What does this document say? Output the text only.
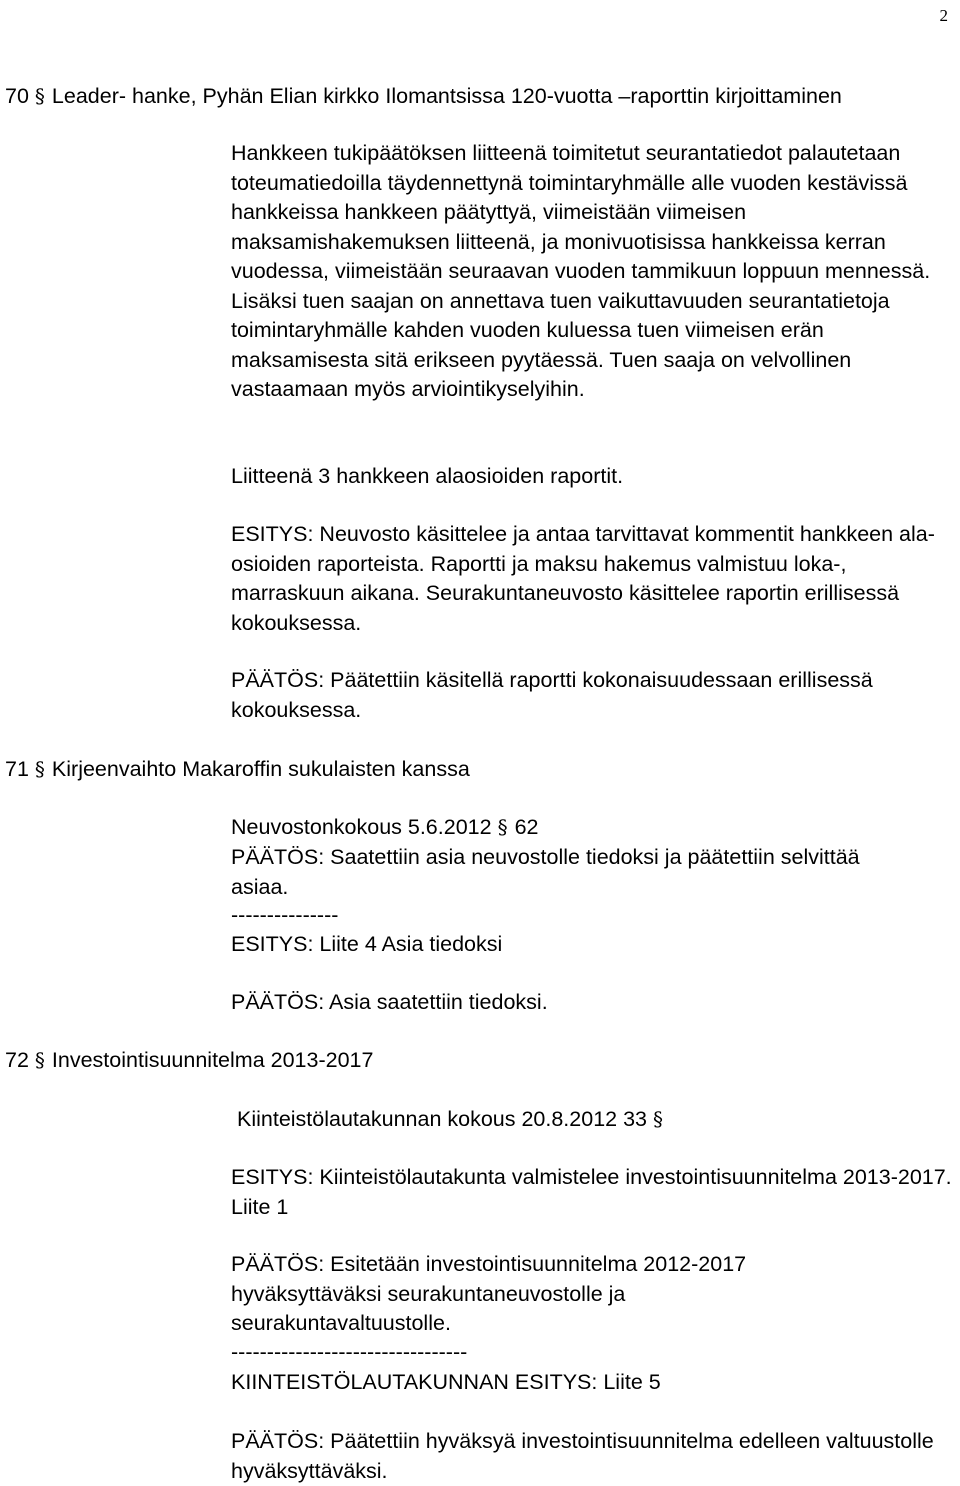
2
70 § Leader- hanke, Pyhän Elian kirkko Ilomantsissa 120-vuotta –raporttin kirjoittaminen
Hankkeen tukipäätöksen liitteenä toimitetut seurantatiedot palautetaan toteumatiedoilla täydennettynä toimintaryhmälle alle vuoden kestävissä hankkeissa hankkeen päätyttyä, viimeistään viimeisen maksamishakemuksen liitteenä, ja monivuotisissa hankkeissa kerran vuodessa, viimeistään seuraavan vuoden tammikuun loppuun mennessä. Lisäksi tuen saajan on annettava tuen vaikuttavuuden seurantatietoja toimintaryhmälle kahden vuoden kuluessa tuen viimeisen erän maksamisesta sitä erikseen pyytäessä. Tuen saaja on velvollinen vastaamaan myös arviointikyselyihin.
Liitteenä 3 hankkeen alaosioiden raportit.
ESITYS: Neuvosto käsittelee ja antaa tarvittavat kommentit hankkeen ala-osioiden raporteista. Raportti ja maksu hakemus valmistuu loka-, marraskuun aikana. Seurakuntaneuvosto käsittelee raportin erillisessä kokouksessa.
PÄÄTÖS: Päätettiin käsitellä raportti kokonaisuudessaan erillisessä kokouksessa.
71 § Kirjeenvaihto Makaroffin sukulaisten kanssa
Neuvostonkokous 5.6.2012 § 62
PÄÄTÖS: Saatettiin asia neuvostolle tiedoksi ja päätettiin selvittää asiaa.
---------------
ESITYS: Liite 4 Asia tiedoksi
PÄÄTÖS: Asia saatettiin tiedoksi.
72 § Investointisuunnitelma 2013-2017
Kiinteistölautakunnan kokous 20.8.2012 33 §
ESITYS: Kiinteistölautakunta valmistelee investointisuunnitelma 2013-2017. Liite 1
PÄÄTÖS: Esitetään investointisuunnitelma 2012-2017 hyväksyttäväksi seurakuntaneuvostolle ja seurakuntavaltuustolle.
---------------------------------
KIINTEISTÖLAUTAKUNNAN ESITYS: Liite 5
PÄÄTÖS: Päätettiin hyväksyä investointisuunnitelma edelleen valtuustolle hyväksyttäväksi.
